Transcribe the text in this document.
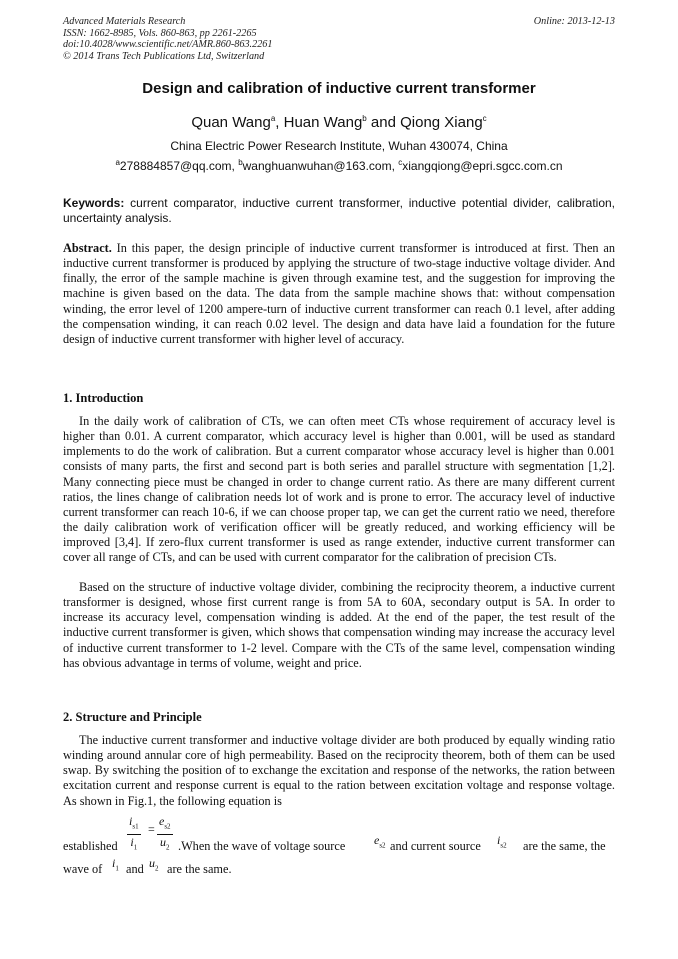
Advanced Materials Research
ISSN: 1662-8985, Vols. 860-863, pp 2261-2265
doi:10.4028/www.scientific.net/AMR.860-863.2261
© 2014 Trans Tech Publications Ltd, Switzerland
Online: 2013-12-13
Design and calibration of inductive current transformer
Quan Wang$^a$, Huan Wang$^b$ and Qiong Xiang$^c$
China Electric Power Research Institute, Wuhan 430074, China
$^a$278884857@qq.com, $^b$wanghuanwuhan@163.com, $^c$xiangqiong@epri.sgcc.com.cn
Keywords: current comparator, inductive current transformer, inductive potential divider, calibration, uncertainty analysis.
Abstract. In this paper, the design principle of inductive current transformer is introduced at first. Then an inductive current transformer is produced by applying the structure of two-stage inductive voltage divider. And finally, the error of the sample machine is given through examine test, and the suggestion for improving the machine is given based on the data. The data from the sample machine shows that: without compensation winding, the error level of 1200 ampere-turn of inductive current transformer can reach 0.1 level, after adding the compensation winding, it can reach 0.02 level. The design and data have laid a foundation for the future design of inductive current transformer with higher level of accuracy.
1. Introduction

In the daily work of calibration of CTs, we can often meet CTs whose requirement of accuracy level is higher than 0.01. A current comparator, which accuracy level is higher than 0.001, will be used as standard implements to do the work of calibration. But a current comparator whose accuracy level is higher than 0.001 consists of many parts, the first and second part is both series and parallel structure with segmentation [1,2]. Many connecting piece must be changed in order to change current ratio. As there are many different current ratios, the lines change of calibration needs lot of work and is prone to error. The accuracy level of inductive current transformer can reach 10-6, if we can choose proper tap, we can get the current ratio we need, therefore the daily calibration work of verification officer will be greatly reduced, and working efficiency will be improved [3,4]. If zero-flux current transformer is used as range extender, inductive current transformer can cover all range of CTs, and can be used with current comparator for the calibration of precision CTs.

Based on the structure of inductive voltage divider, combining the reciprocity theorem, a inductive current transformer is designed, whose first current range is from 5A to 60A, secondary output is 5A. In order to increase its accuracy level, compensation winding is added. At the end of the paper, the test result of the inductive current transformer is given, which shows that compensation winding may increase the accuracy level of inductive current transformer to 1-2 level. Compare with the CTs of the same level, compensation winding has obvious advantage in terms of volume, weight and price.

2. Structure and Principle

The inductive current transformer and inductive voltage divider are both produced by equally winding ratio winding around annular core of high permeability. Based on the reciprocity theorem, both of them can be used swap. By switching the position of to exchange the excitation and response of the networks, the ration between excitation current and response current is equal to the ration between excitation voltage and response voltage. As shown in Fig.1, the following equation is

established $\frac{i_{s1}}{i_1} = \frac{e_{s2}}{u_2}$ .When the wave of voltage source $e_{s2}$ and current source $i_{s2}$ are the same, the
wave of $i_1$ and $u_2$ are the same.
